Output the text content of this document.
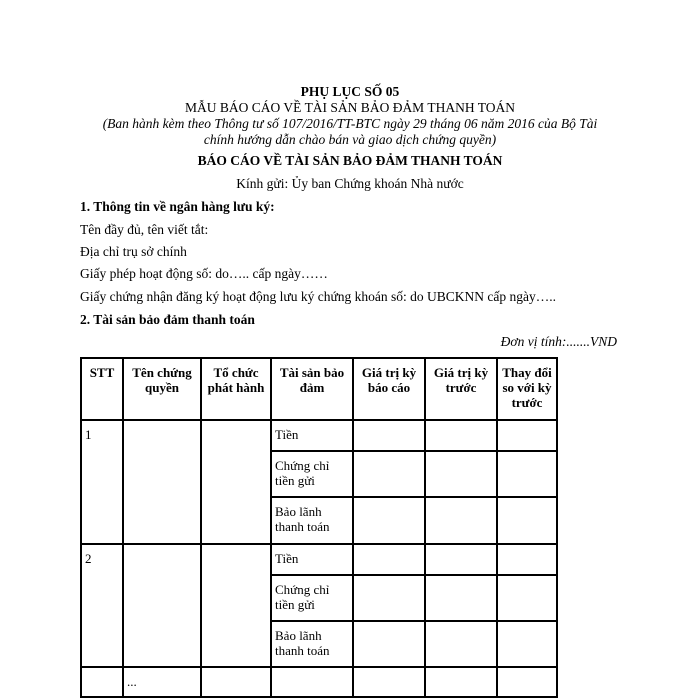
PHỤ LỤC SỐ 05
MẪU BÁO CÁO VỀ TÀI SẢN BẢO ĐẢM THANH TOÁN
(Ban hành kèm theo Thông tư số 107/2016/TT-BTC ngày 29 tháng 06 năm 2016 của Bộ Tài
chính hướng dẫn chào bán và giao dịch chứng quyền)
BÁO CÁO VỀ TÀI SẢN BẢO ĐẢM THANH TOÁN
Kính gửi: Ủy ban Chứng khoán Nhà nước
1. Thông tin về ngân hàng lưu ký:
Tên đầy đủ, tên viết tắt:
Địa chỉ trụ sở chính
Giấy phép hoạt động số: do….. cấp ngày……
Giấy chứng nhận đăng ký hoạt động lưu ký chứng khoán số: do UBCKNN cấp ngày…..
2. Tài sản bảo đảm thanh toán
Đơn vị tính:.......VND
STT	Tên chứng quyền	Tổ chức phát hành	Tài sản bảo đảm	Giá trị kỳ báo cáo	Giá trị kỳ trước	Thay đổi so với kỳ trước
1			Tiền			
			Chứng chỉ tiền gửi			
			Bảo lãnh thanh toán			
2			Tiền			
			Chứng chỉ tiền gửi			
			Bảo lãnh thanh toán			
	...					
